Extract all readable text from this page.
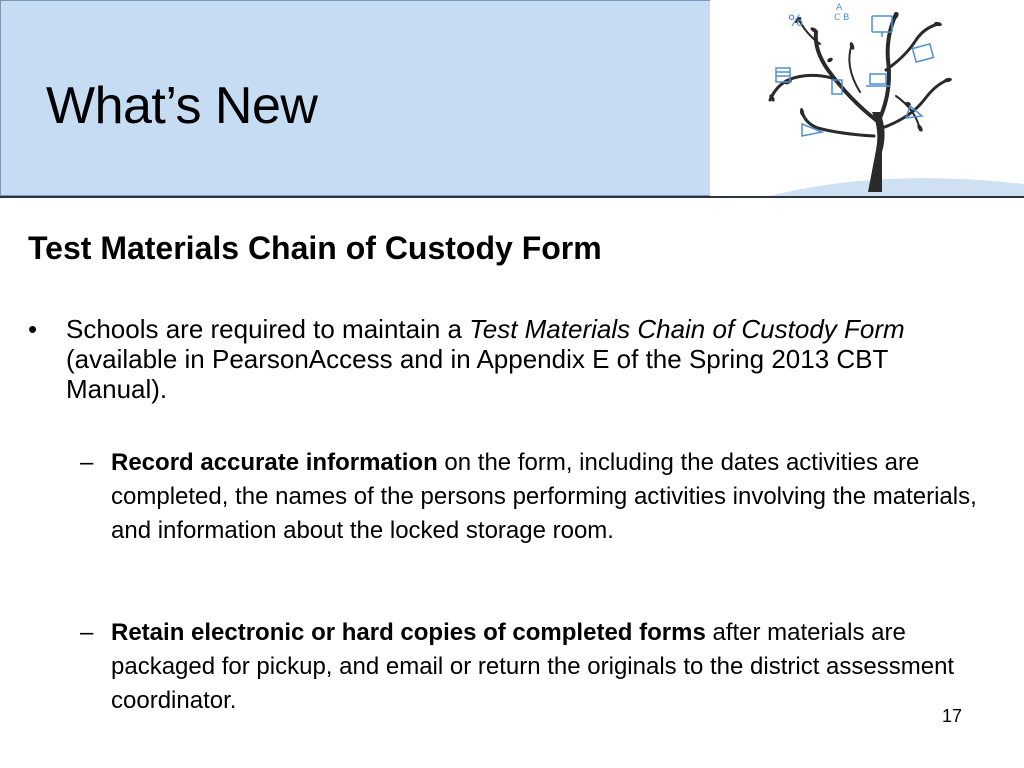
%
A
C B
What’s New
Test Materials Chain of Custody Form
• Schools are required to maintain a Test Materials Chain of Custody Form (available in PearsonAccess and in Appendix E of the Spring 2013 CBT Manual).
– Record accurate information on the form, including the dates activities are completed, the names of the persons performing activities involving the materials, and information about the locked storage room.
– Retain electronic or hard copies of completed forms after materials are packaged for pickup, and email or return the originals to the district assessment coordinator.
17
